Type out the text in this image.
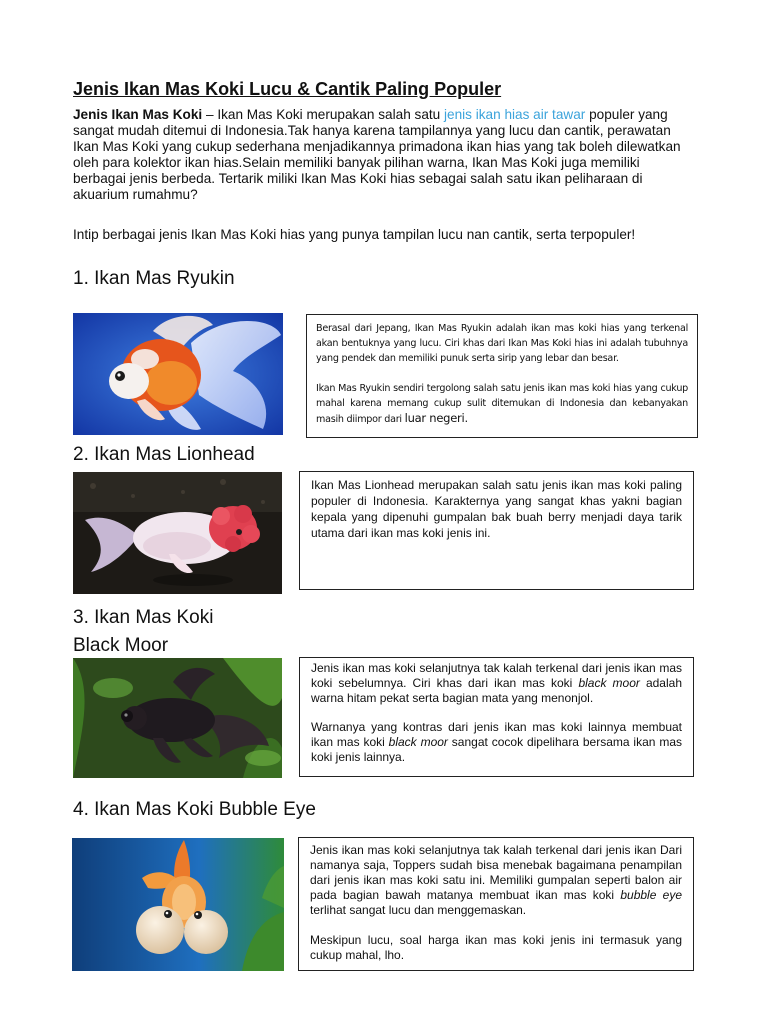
Jenis Ikan Mas Koki Lucu & Cantik Paling Populer

Jenis Ikan Mas Koki – Ikan Mas Koki merupakan salah satu jenis ikan hias air tawar populer yang sangat mudah ditemui di Indonesia.Tak hanya karena tampilannya yang lucu dan cantik, perawatan Ikan Mas Koki yang cukup sederhana menjadikannya primadona ikan hias yang tak boleh dilewatkan oleh para kolektor ikan hias.Selain memiliki banyak pilihan warna, Ikan Mas Koki juga memiliki berbagai jenis berbeda. Tertarik miliki Ikan Mas Koki hias sebagai salah satu ikan peliharaan di akuarium rumahmu?

Intip berbagai jenis Ikan Mas Koki hias yang punya tampilan lucu nan cantik, serta terpopuler!

1. Ikan Mas Ryukin

Berasal dari Jepang, Ikan Mas Ryukin adalah ikan mas koki hias yang terkenal akan bentuknya yang lucu. Ciri khas dari Ikan Mas Koki hias ini adalah tubuhnya yang pendek dan memiliki punuk serta sirip yang lebar dan besar.

Ikan Mas Ryukin sendiri tergolong salah satu jenis ikan mas koki hias yang cukup mahal karena memang cukup sulit ditemukan di Indonesia dan kebanyakan masih diimpor dari luar negeri.

2. Ikan Mas Lionhead

Ikan Mas Lionhead merupakan salah satu jenis ikan mas koki paling populer di Indonesia. Karakternya yang sangat khas yakni bagian kepala yang dipenuhi gumpalan bak buah berry menjadi daya tarik utama dari ikan mas koki jenis ini.

3. Ikan Mas Koki
Black Moor

Jenis ikan mas koki selanjutnya tak kalah terkenal dari jenis ikan mas koki sebelumnya. Ciri khas dari ikan mas koki black moor adalah warna hitam pekat serta bagian mata yang menonjol.

Warnanya yang kontras dari jenis ikan mas koki lainnya membuat ikan mas koki black moor sangat cocok dipelihara bersama ikan mas koki jenis lainnya.

4. Ikan Mas Koki Bubble Eye

Jenis ikan mas koki selanjutnya tak kalah terkenal dari jenis ikan Dari namanya saja, Toppers sudah bisa menebak bagaimana penampilan dari jenis ikan mas koki satu ini. Memiliki gumpalan seperti balon air pada bagian bawah matanya membuat ikan mas koki bubble eye terlihat sangat lucu dan menggemaskan.

Meskipun lucu, soal harga ikan mas koki jenis ini termasuk yang cukup mahal, lho.
